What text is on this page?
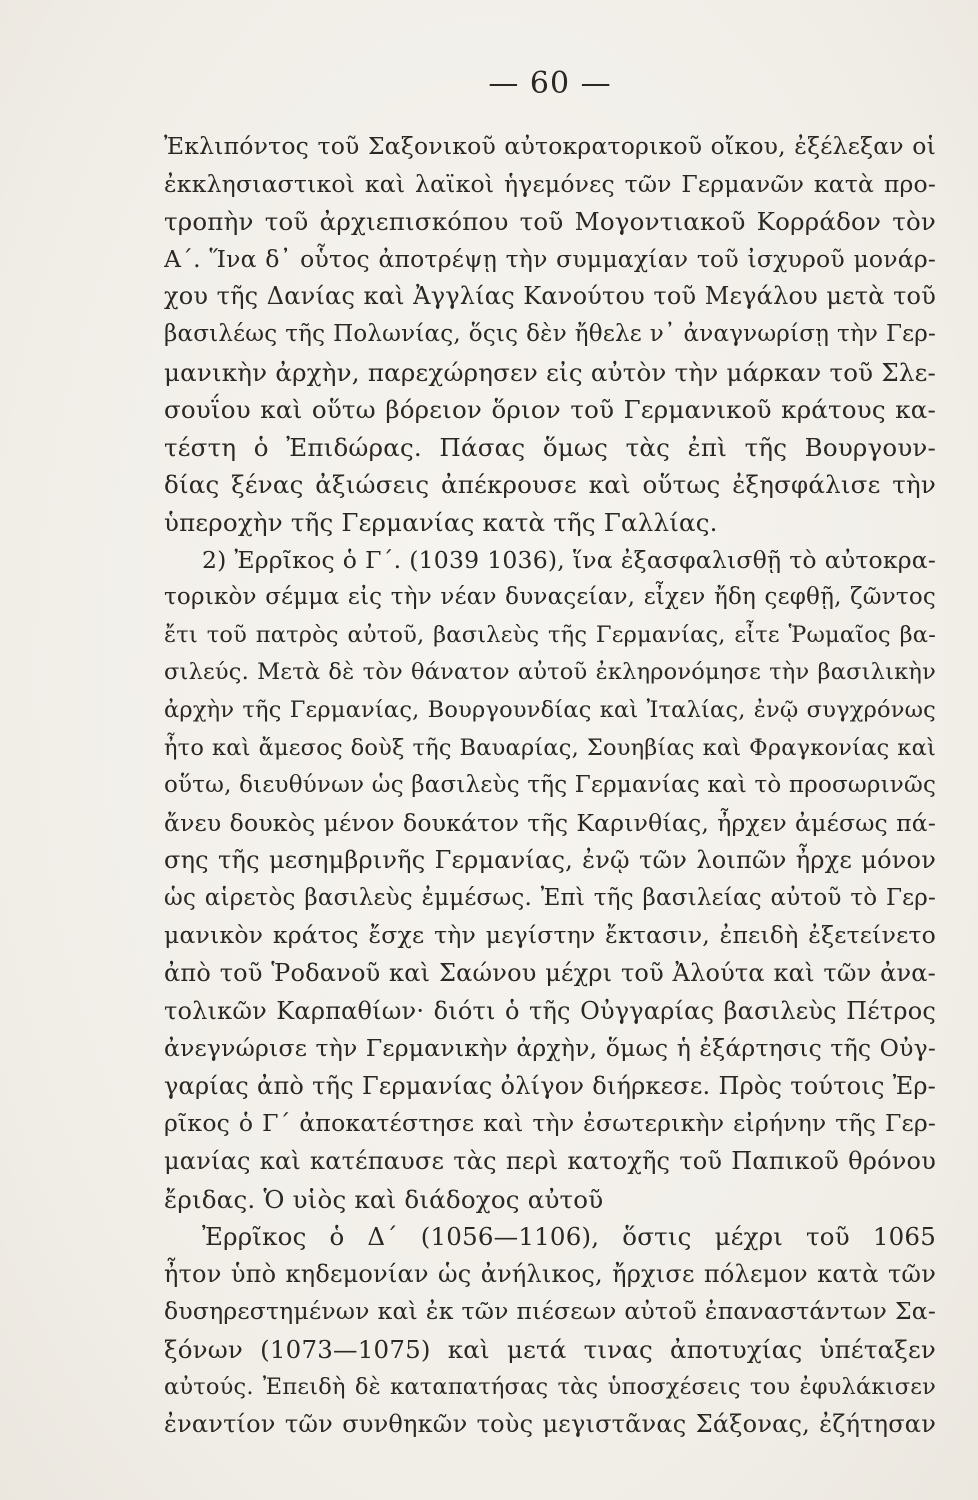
— 60 —
Ἐκλιπόντος τοῦ Σαξονικοῦ αὐτοκρατορικοῦ οἴκου, ἐξέλεξαν οἱ
ἐκκλησιαστικοὶ καὶ λαϊκοὶ ἡγεμόνες τῶν Γερμανῶν κατὰ προ-
τροπὴν τοῦ ἀρχιεπισκόπου τοῦ Μογοντιακοῦ Κορράδον τὸν
Α΄. Ἵνα δ᾽ οὗτος ἀποτρέψῃ τὴν συμμαχίαν τοῦ ἰσχυροῦ μονάρ-
χου τῆς Δανίας καὶ Ἀγγλίας Κανούτου τοῦ Μεγάλου μετὰ τοῦ
βασιλέως τῆς Πολωνίας, ὅςις δὲν ἤθελε ν᾽ ἀναγνωρίσῃ τὴν Γερ-
μανικὴν ἀρχὴν, παρεχώρησεν εἰς αὐτὸν τὴν μάρκαν τοῦ Σλε-
σουΐου καὶ οὕτω βόρειον ὅριον τοῦ Γερμανικοῦ κράτους κα-
τέστη ὁ Ἐπιδώρας. Πάσας ὅμως τὰς ἐπὶ τῆς Βουργουν-
δίας ξένας ἀξιώσεις ἀπέκρουσε καὶ οὕτως ἐξησφάλισε τὴν
ὑπεροχὴν τῆς Γερμανίας κατὰ τῆς Γαλλίας.
2) Ἐρρῖκος ὁ Γ΄. (1039 1036), ἵνα ἐξασφαλισθῇ τὸ αὐτοκρα-
τορικὸν σέμμα εἰς τὴν νέαν δυναςείαν, εἶχεν ἤδη ςεφθῇ, ζῶντος
ἔτι τοῦ πατρὸς αὐτοῦ, βασιλεὺς τῆς Γερμανίας, εἶτε Ῥωμαῖος βα-
σιλεύς. Μετὰ δὲ τὸν θάνατον αὐτοῦ ἐκληρονόμησε τὴν βασιλικὴν
ἀρχὴν τῆς Γερμανίας, Βουργουνδίας καὶ Ἰταλίας, ἐνῷ συγχρόνως
ἦτο καὶ ἄμεσος δοὺξ τῆς Βαυαρίας, Σουηβίας καὶ Φραγκονίας καὶ
οὕτω, διευθύνων ὡς βασιλεὺς τῆς Γερμανίας καὶ τὸ προσωρινῶς
ἄνευ δουκὸς μένον δουκάτον τῆς Καρινθίας, ἦρχεν ἀμέσως πά-
σης τῆς μεσημβρινῆς Γερμανίας, ἐνῷ τῶν λοιπῶν ἦρχε μόνον
ὡς αἱρετὸς βασιλεὺς ἐμμέσως. Ἐπὶ τῆς βασιλείας αὐτοῦ τὸ Γερ-
μανικὸν κράτος ἔσχε τὴν μεγίστην ἔκτασιν, ἐπειδὴ ἐξετείνετο
ἀπὸ τοῦ Ῥοδανοῦ καὶ Σαώνου μέχρι τοῦ Ἀλούτα καὶ τῶν ἀνα-
τολικῶν Καρπαθίων· διότι ὁ τῆς Οὐγγαρίας βασιλεὺς Πέτρος
ἀνεγνώρισε τὴν Γερμανικὴν ἀρχὴν, ὅμως ἡ ἐξάρτησις τῆς Οὐγ-
γαρίας ἀπὸ τῆς Γερμανίας ὀλίγον διήρκεσε. Πρὸς τούτοις Ἐρ-
ρῖκος ὁ Γ΄ ἀποκατέστησε καὶ τὴν ἐσωτερικὴν εἰρήνην τῆς Γερ-
μανίας καὶ κατέπαυσε τὰς περὶ κατοχῆς τοῦ Παπικοῦ θρόνου
ἔριδας. Ὁ υἱὸς καὶ διάδοχος αὐτοῦ
Ἐρρῖκος ὁ Δ΄ (1056—1106), ὅστις μέχρι τοῦ 1065
ἦτον ὑπὸ κηδεμονίαν ὡς ἀνήλικος, ἤρχισε πόλεμον κατὰ τῶν
δυσηρεστημένων καὶ ἐκ τῶν πιέσεων αὐτοῦ ἐπαναστάντων Σα-
ξόνων (1073—1075) καὶ μετά τινας ἀποτυχίας ὑπέταξεν
αὐτούς. Ἐπειδὴ δὲ καταπατήσας τὰς ὑποσχέσεις του ἐφυλάκισεν
ἐναντίον τῶν συνθηκῶν τοὺς μεγιστᾶνας Σάξονας, ἐζήτησαν
